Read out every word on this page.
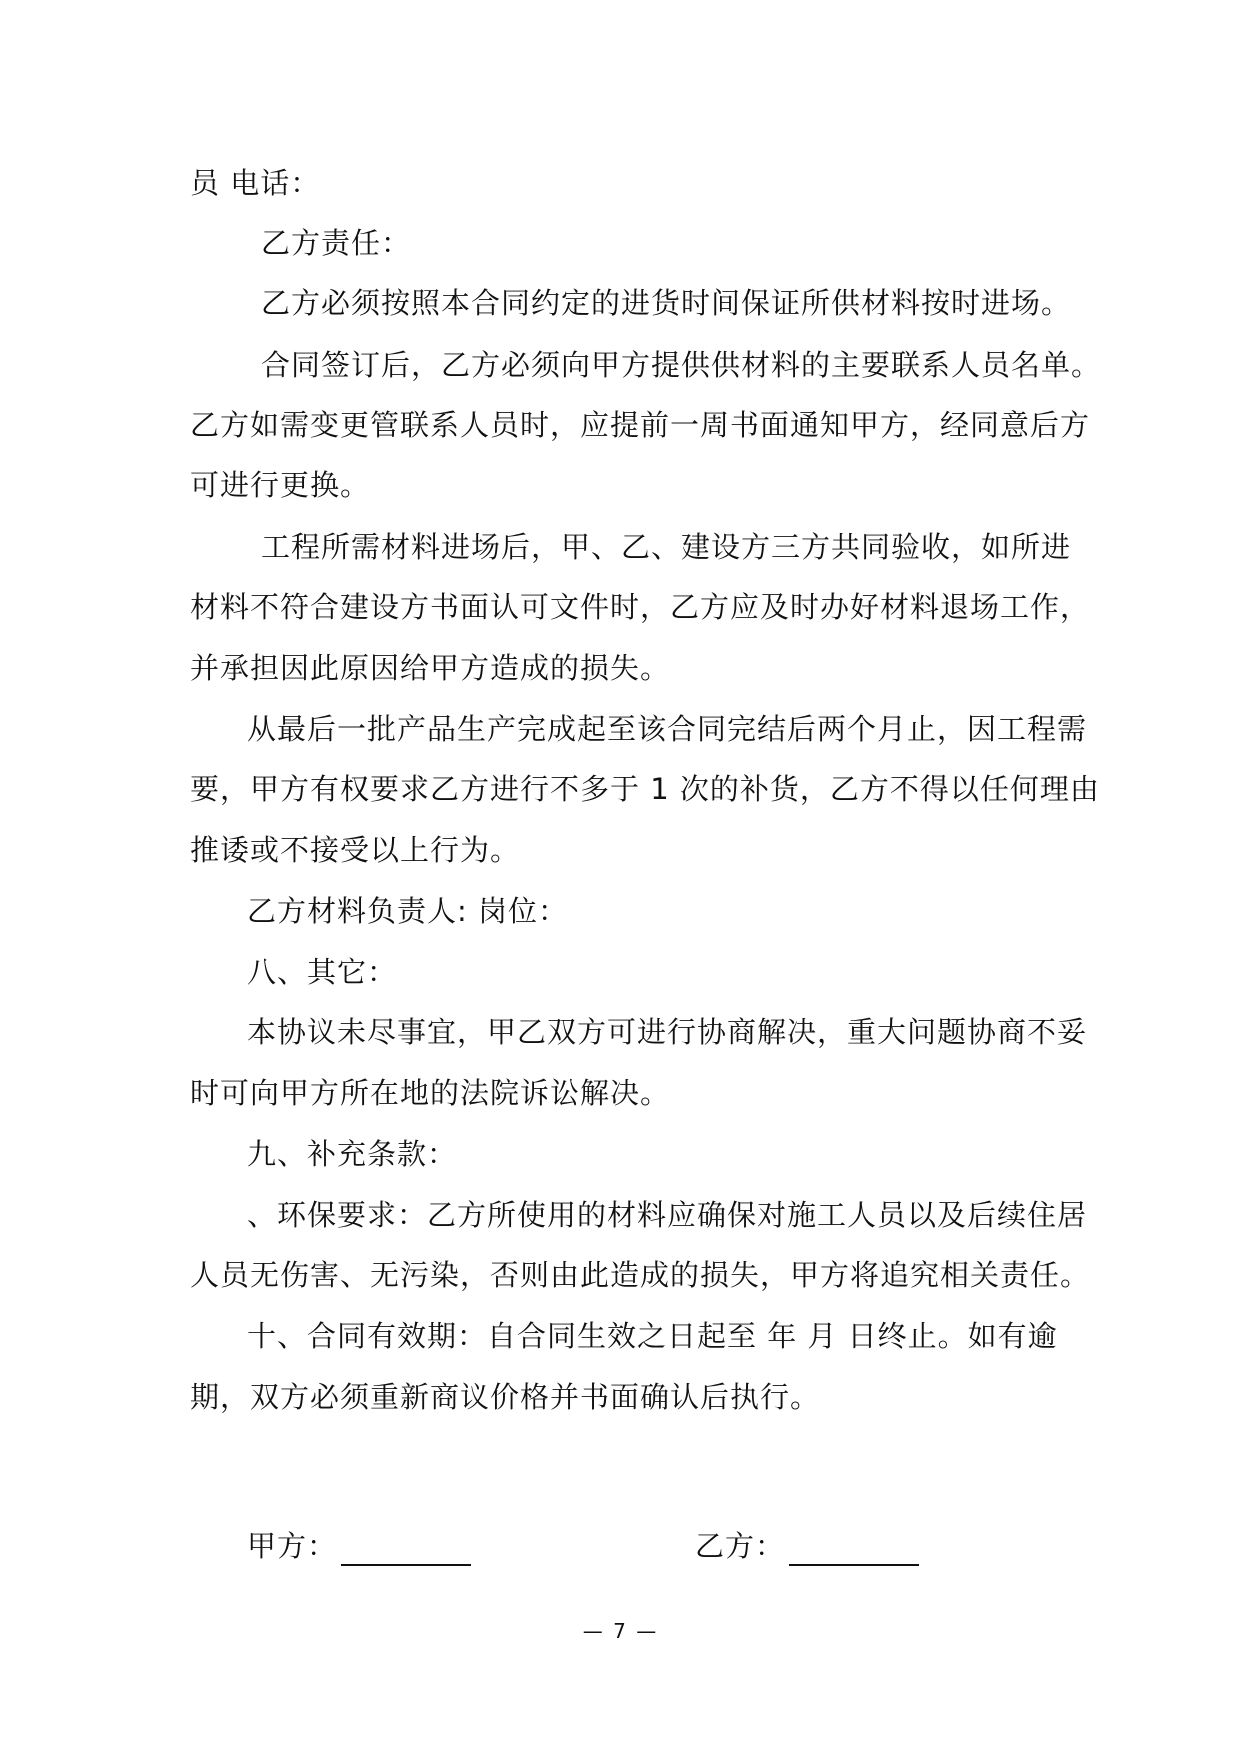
员 电话：
乙方责任：
乙方必须按照本合同约定的进货时间保证所供材料按时进场。
合同签订后，乙方必须向甲方提供供材料的主要联系人员名单。
乙方如需变更管联系人员时，应提前一周书面通知甲方，经同意后方
可进行更换。
工程所需材料进场后，甲、乙、建设方三方共同验收，如所进
材料不符合建设方书面认可文件时，乙方应及时办好材料退场工作，
并承担因此原因给甲方造成的损失。
从最后一批产品生产完成起至该合同完结后两个月止，因工程需
要，甲方有权要求乙方进行不多于 1 次的补货，乙方不得以任何理由
推诿或不接受以上行为。
乙方材料负责人: 岗位：
八、其它：
本协议未尽事宜，甲乙双方可进行协商解决，重大问题协商不妥
时可向甲方所在地的法院诉讼解决。
九、补充条款：
、环保要求：乙方所使用的材料应确保对施工人员以及后续住居
人员无伤害、无污染，否则由此造成的损失，甲方将追究相关责任。
十、合同有效期：自合同生效之日起至 年 月 日终止。如有逾
期，双方必须重新商议价格并书面确认后执行。
甲方：	乙方：
— 7 —
